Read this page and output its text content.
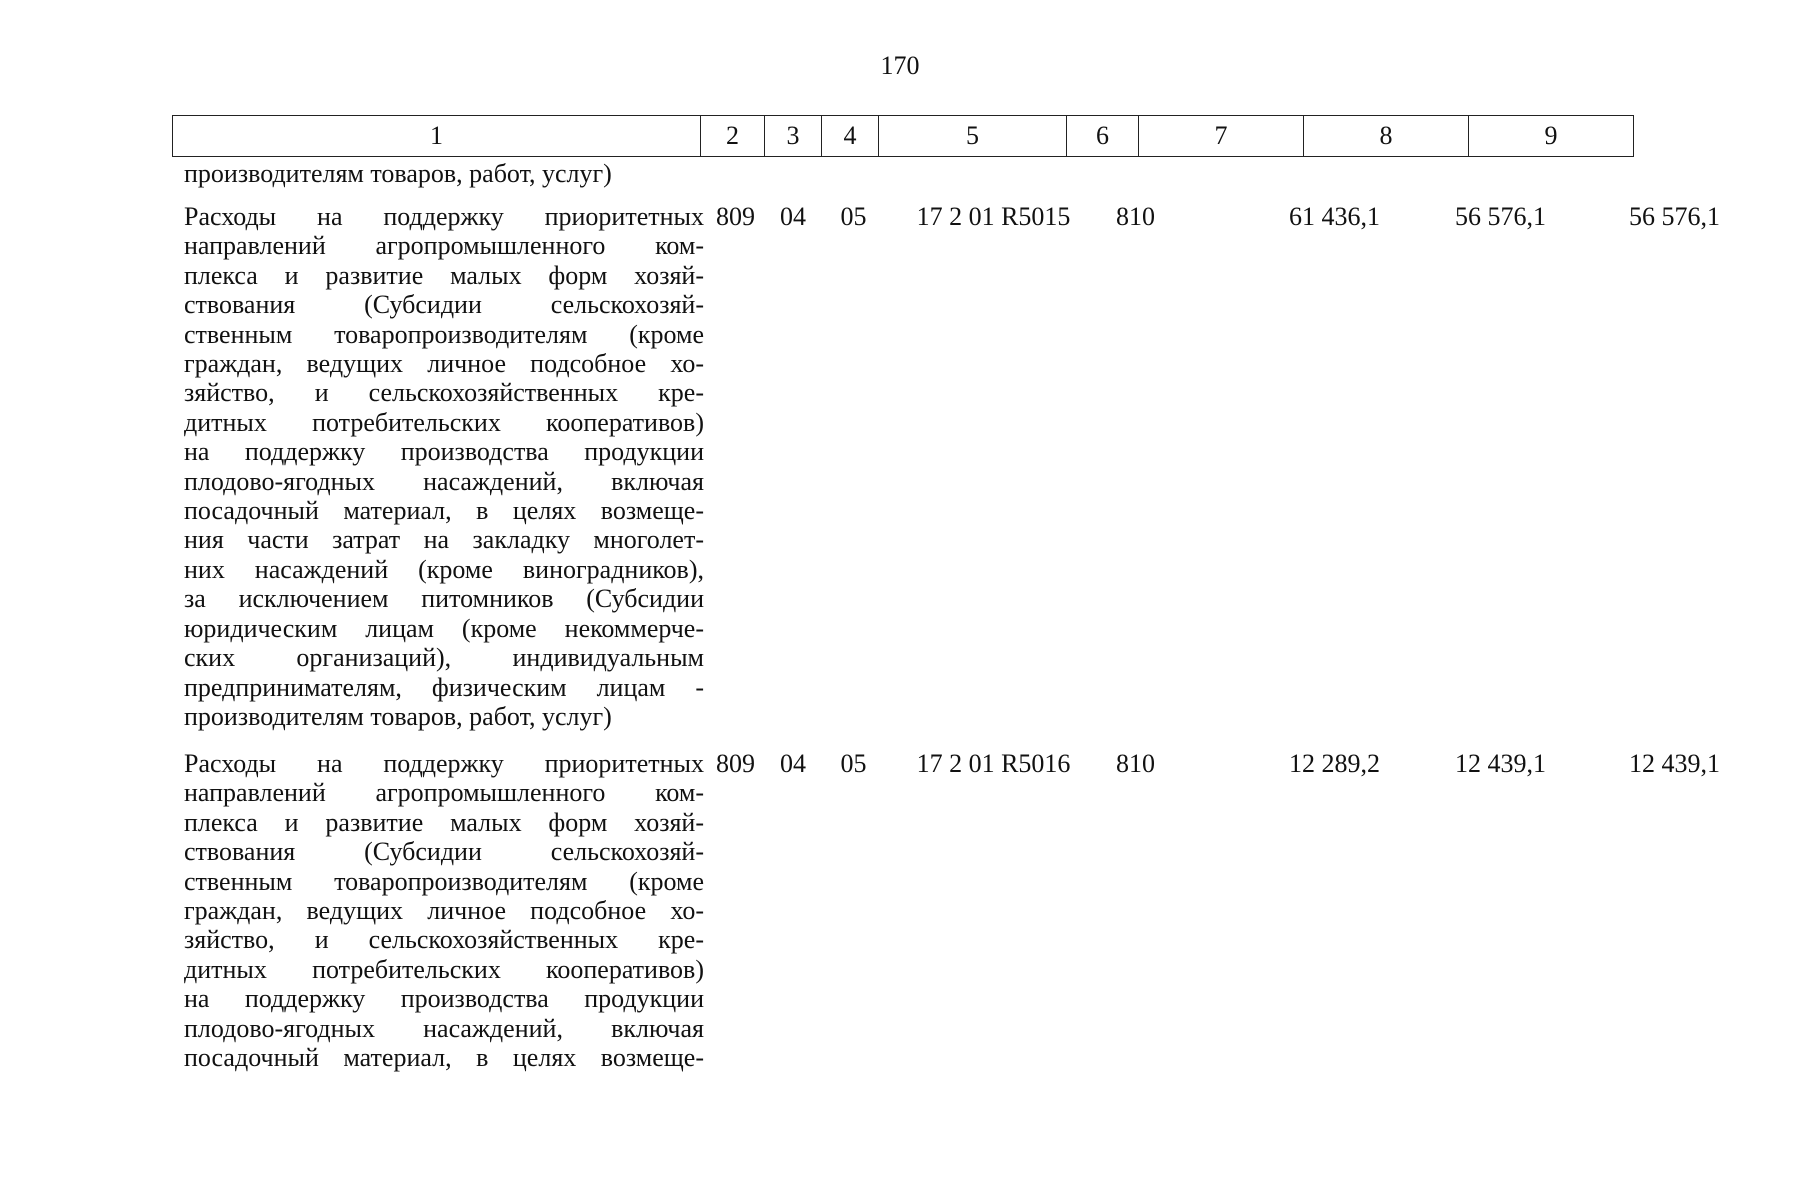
170
1	2	3	4	5	6	7	8	9
производителям товаров, работ, услуг)
Расходы на поддержку приоритетных
направлений агропромышленного ком-
плекса и развитие малых форм хозяй-
ствования (Субсидии сельскохозяй-
ственным товаропроизводителям (кроме
граждан, ведущих личное подсобное хо-
зяйство, и сельскохозяйственных кре-
дитных потребительских кооперативов)
на поддержку производства продукции
плодово-ягодных насаждений, включая
посадочный материал, в целях возмеще-
ния части затрат на закладку многолет-
них насаждений (кроме виноградников),
за исключением питомников (Субсидии
юридическим лицам (кроме некоммерче-
ских организаций), индивидуальным
предпринимателям, физическим лицам -
производителям товаров, работ, услуг)
809 04	05	17 2 01 R5015	810	61 436,1	56 576,1	56 576,1
Расходы на поддержку приоритетных
направлений агропромышленного ком-
плекса и развитие малых форм хозяй-
ствования (Субсидии сельскохозяй-
ственным товаропроизводителям (кроме
граждан, ведущих личное подсобное хо-
зяйство, и сельскохозяйственных кре-
дитных потребительских кооперативов)
на поддержку производства продукции
плодово-ягодных насаждений, включая
посадочный материал, в целях возмеще-
809 04	05	17 2 01 R5016	810	12 289,2	12 439,1	12 439,1
